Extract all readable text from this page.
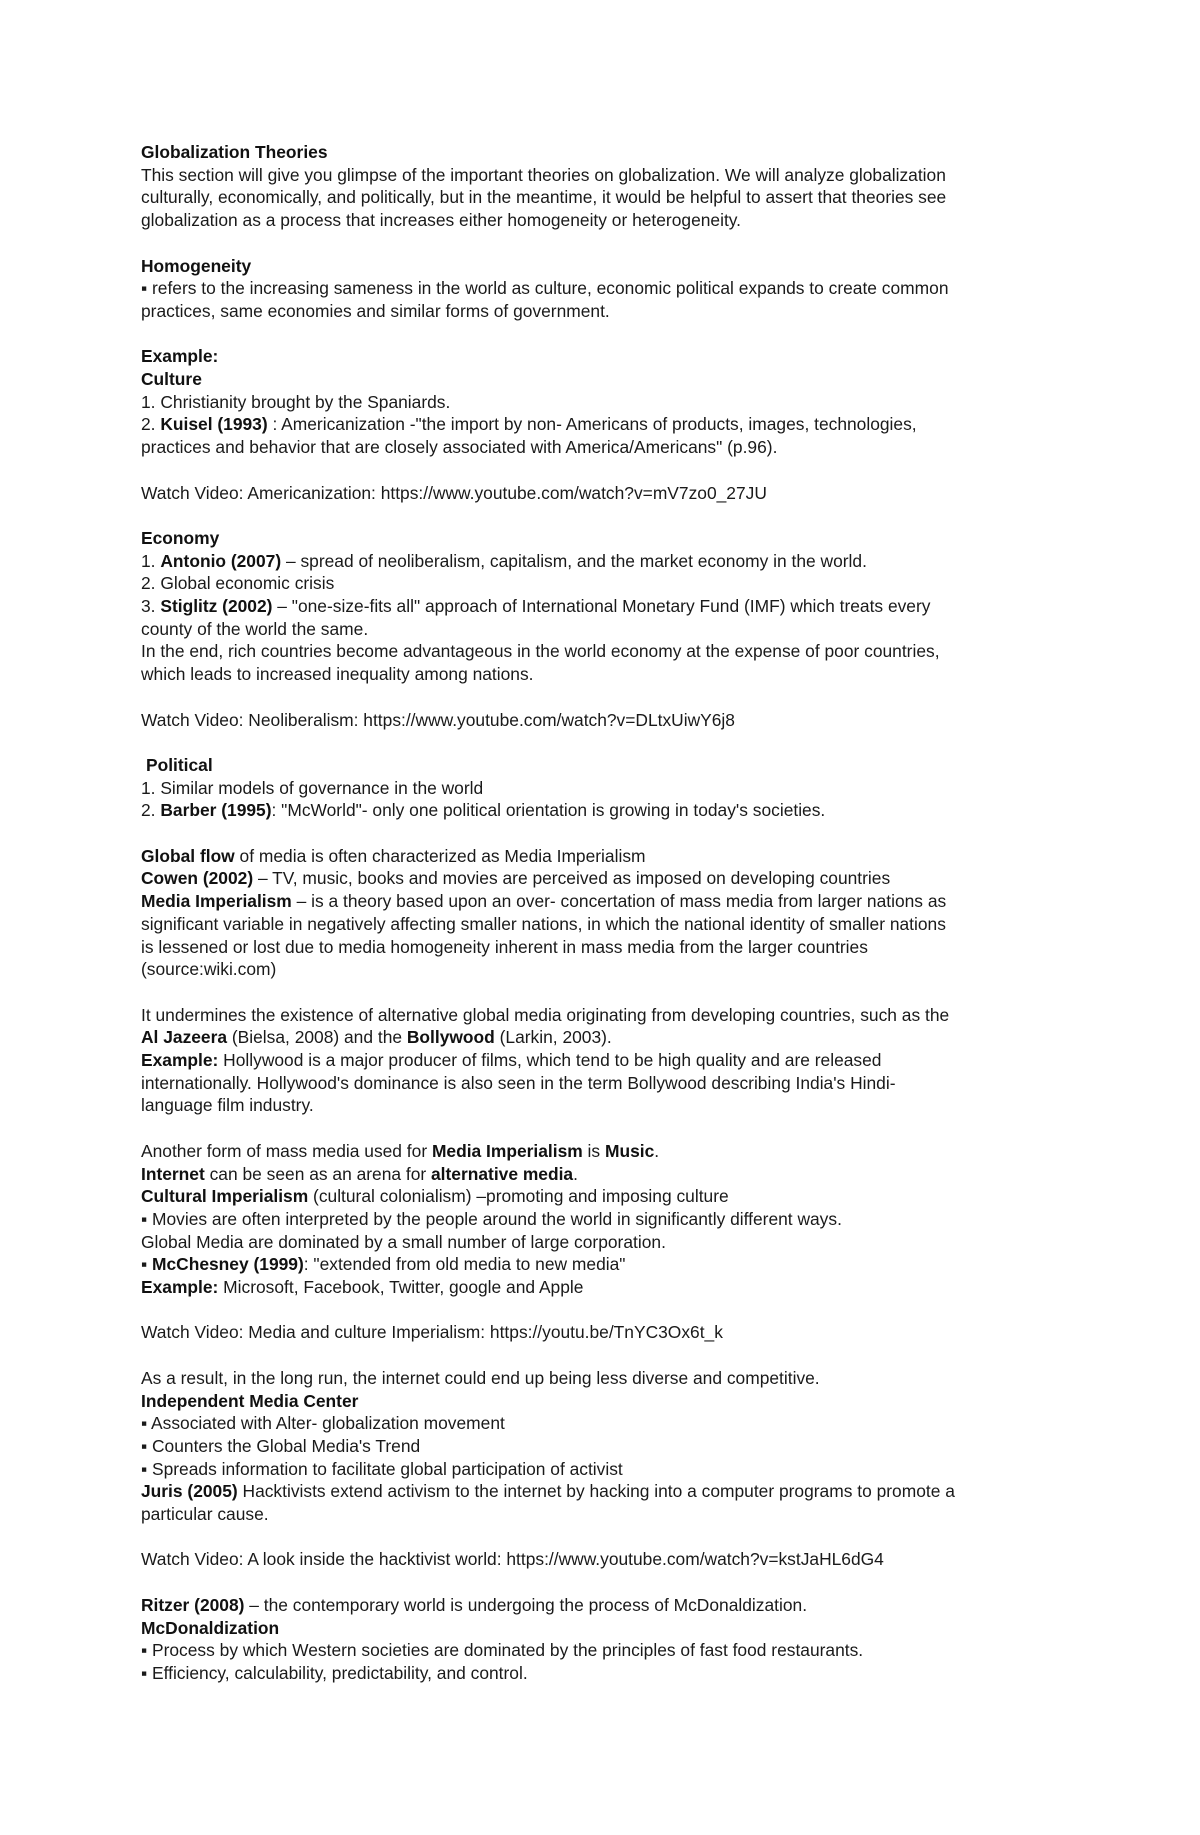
Globalization Theories
This section will give you glimpse of the important theories on globalization. We will analyze globalization
culturally, economically, and politically, but in the meantime, it would be helpful to assert that theories see
globalization as a process that increases either homogeneity or heterogeneity.
Homogeneity
▪ refers to the increasing sameness in the world as culture, economic political expands to create common
practices, same economies and similar forms of government.
Example:
Culture
1. Christianity brought by the Spaniards.
2. Kuisel (1993) : Americanization -"the import by non- Americans of products, images, technologies,
practices and behavior that are closely associated with America/Americans" (p.96).
Watch Video: Americanization: https://www.youtube.com/watch?v=mV7zo0_27JU
Economy
1. Antonio (2007) – spread of neoliberalism, capitalism, and the market economy in the world.
2. Global economic crisis
3. Stiglitz (2002) – "one-size-fits all" approach of International Monetary Fund (IMF) which treats every
county of the world the same.
In the end, rich countries become advantageous in the world economy at the expense of poor countries,
which leads to increased inequality among nations.
Watch Video: Neoliberalism: https://www.youtube.com/watch?v=DLtxUiwY6j8
Political
1. Similar models of governance in the world
2. Barber (1995): "McWorld"- only one political orientation is growing in today's societies.
Global flow of media is often characterized as Media Imperialism
Cowen (2002) – TV, music, books and movies are perceived as imposed on developing countries
Media Imperialism – is a theory based upon an over- concertation of mass media from larger nations as
significant variable in negatively affecting smaller nations, in which the national identity of smaller nations
is lessened or lost due to media homogeneity inherent in mass media from the larger countries
(source:wiki.com)
It undermines the existence of alternative global media originating from developing countries, such as the
Al Jazeera (Bielsa, 2008) and the Bollywood (Larkin, 2003).
Example: Hollywood is a major producer of films, which tend to be high quality and are released
internationally. Hollywood's dominance is also seen in the term Bollywood describing India's Hindi-
language film industry.
Another form of mass media used for Media Imperialism is Music.
Internet can be seen as an arena for alternative media.
Cultural Imperialism (cultural colonialism) –promoting and imposing culture
▪ Movies are often interpreted by the people around the world in significantly different ways.
Global Media are dominated by a small number of large corporation.
▪ McChesney (1999): "extended from old media to new media"
Example: Microsoft, Facebook, Twitter, google and Apple
Watch Video: Media and culture Imperialism: https://youtu.be/TnYC3Ox6t_k
As a result, in the long run, the internet could end up being less diverse and competitive.
Independent Media Center
▪ Associated with Alter- globalization movement
▪ Counters the Global Media's Trend
▪ Spreads information to facilitate global participation of activist
Juris (2005) Hacktivists extend activism to the internet by hacking into a computer programs to promote a
particular cause.
Watch Video: A look inside the hacktivist world: https://www.youtube.com/watch?v=kstJaHL6dG4
Ritzer (2008) – the contemporary world is undergoing the process of McDonaldization.
McDonaldization
▪ Process by which Western societies are dominated by the principles of fast food restaurants.
▪ Efficiency, calculability, predictability, and control.
